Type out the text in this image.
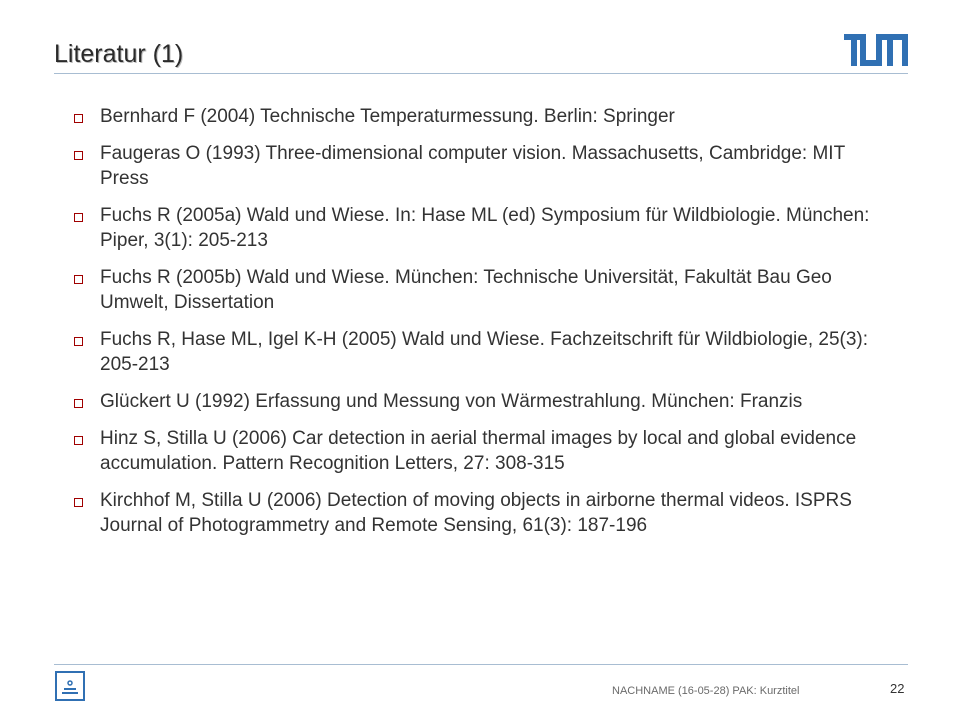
Literatur (1)
Bernhard F (2004) Technische Temperaturmessung. Berlin: Springer
Faugeras O (1993) Three-dimensional computer vision. Massachusetts, Cambridge: MIT Press
Fuchs R (2005a) Wald und Wiese. In: Hase ML (ed) Symposium für Wildbiologie. München: Piper, 3(1): 205-213
Fuchs R (2005b) Wald und Wiese. München: Technische Universität, Fakultät Bau Geo Umwelt, Dissertation
Fuchs R, Hase ML, Igel K-H (2005) Wald und Wiese. Fachzeitschrift für Wildbiologie, 25(3): 205-213
Glückert U (1992) Erfassung und Messung von Wärmestrahlung. München: Franzis
Hinz S, Stilla U (2006) Car detection in aerial thermal images by local and global evidence accumulation. Pattern Recognition Letters, 27: 308-315
Kirchhof M, Stilla U (2006) Detection of moving objects in airborne thermal videos. ISPRS Journal of Photogrammetry and Remote Sensing, 61(3): 187-196
NACHNAME (16-05-28) PAK: Kurztitel	22
